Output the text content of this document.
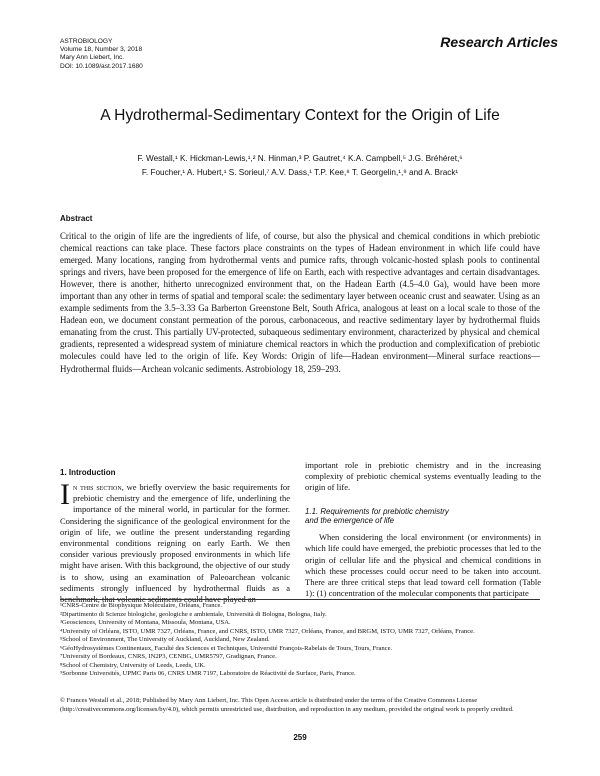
ASTROBIOLOGY
Volume 18, Number 3, 2018
Mary Ann Liebert, Inc.
DOI: 10.1089/ast.2017.1680
Research Articles
A Hydrothermal-Sedimentary Context for the Origin of Life
F. Westall,¹ K. Hickman-Lewis,¹,² N. Hinman,³ P. Gautret,⁴ K.A. Campbell,⁵ J.G. Bréhéret,⁶
F. Foucher,¹ A. Hubert,¹ S. Sorieul,⁷ A.V. Dass,¹ T.P. Kee,⁸ T. Georgelin,¹,⁹ and A. Brack¹
Abstract
Critical to the origin of life are the ingredients of life, of course, but also the physical and chemical conditions in which prebiotic chemical reactions can take place. These factors place constraints on the types of Hadean environment in which life could have emerged. Many locations, ranging from hydrothermal vents and pumice rafts, through volcanic-hosted splash pools to continental springs and rivers, have been proposed for the emergence of life on Earth, each with respective advantages and certain disadvantages. However, there is another, hitherto unrecognized environment that, on the Hadean Earth (4.5–4.0 Ga), would have been more important than any other in terms of spatial and temporal scale: the sedimentary layer between oceanic crust and seawater. Using as an example sediments from the 3.5–3.33 Ga Barberton Greenstone Belt, South Africa, analogous at least on a local scale to those of the Hadean eon, we document constant permeation of the porous, carbonaceous, and reactive sedimentary layer by hydrothermal fluids emanating from the crust. This partially UV-protected, subaqueous sedimentary environment, characterized by physical and chemical gradients, represented a widespread system of miniature chemical reactors in which the production and complexification of prebiotic molecules could have led to the origin of life. Key Words: Origin of life—Hadean environment—Mineral surface reactions—Hydrothermal fluids—Archean volcanic sediments. Astrobiology 18, 259–293.
1. Introduction

In this section, we briefly overview the basic requirements for prebiotic chemistry and the emergence of life, underlining the importance of the mineral world, in particular for the former. Considering the significance of the geological environment for the origin of life, we outline the present understanding regarding environmental conditions reigning on early Earth. We then consider various previously proposed environments in which life might have arisen. With this background, the objective of our study is to show, using an examination of Paleoarchean volcanic sediments strongly influenced by hydrothermal fluids as a benchmark, that volcanic sediments could have played an

important role in prebiotic chemistry and in the increasing complexity of prebiotic chemical systems eventually leading to the origin of life.

1.1. Requirements for prebiotic chemistry
and the emergence of life

When considering the local environment (or environments) in which life could have emerged, the prebiotic processes that led to the origin of cellular life and the physical and chemical conditions in which these processes could occur need to be taken into account. There are three critical steps that lead toward cell formation (Table 1): (1) concentration of the molecular components that participate

¹CNRS-Centre de Biophysique Moléculaire, Orléans, France.
²Dipartimento di Scienze biologiche, geologiche e ambientale, Università di Bologna, Bologna, Italy.
³Geosciences, University of Montana, Missoula, Montana, USA.
⁴University of Orléans, ISTO, UMR 7327, Orléans, France, and CNRS, ISTO, UMR 7327, Orléans, France, and BRGM, ISTO, UMR 7327, Orléans, France.
⁵School of Environment, The University of Auckland, Auckland, New Zealand.
⁶GéoHydrosystèmes Continentaux, Faculté des Sciences et Techniques, Université François-Rabelais de Tours, Tours, France.
⁷University of Bordeaux, CNRS, IN2P3, CENBG, UMR5797, Gradignan, France.
⁸School of Chemistry, University of Leeds, Leeds, UK.
⁹Sorbonne Universités, UPMC Paris 06, CNRS UMR 7197, Laboratoire de Réactivité de Surface, Paris, France.
© Frances Westall et al., 2018; Published by Mary Ann Liebert, Inc. This Open Access article is distributed under the terms of the Creative Commons License (http://creativecommons.org/licenses/by/4.0), which permits unrestricted use, distribution, and reproduction in any medium, provided the original work is properly credited.
259
